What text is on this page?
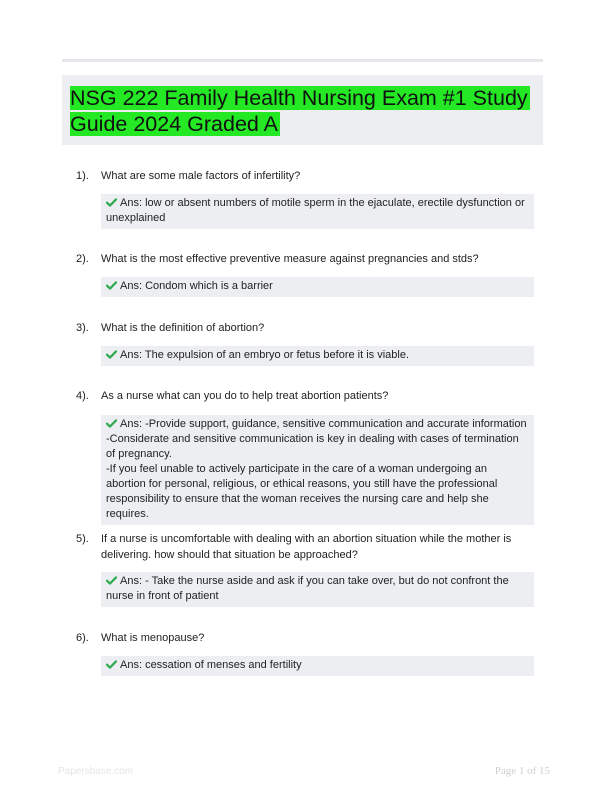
NSG 222 Family Health Nursing Exam #1 Study Guide 2024 Graded A
1). What are some male factors of infertility?
Ans: low or absent numbers of motile sperm in the ejaculate, erectile dysfunction or unexplained
2). What is the most effective preventive measure against pregnancies and stds?
Ans: Condom which is a barrier
3). What is the definition of abortion?
Ans: The expulsion of an embryo or fetus before it is viable.
4). As a nurse what can you do to help treat abortion patients?
Ans: -Provide support, guidance, sensitive communication and accurate information
-Considerate and sensitive communication is key in dealing with cases of termination of pregnancy.
-If you feel unable to actively participate in the care of a woman undergoing an abortion for personal, religious, or ethical reasons, you still have the professional responsibility to ensure that the woman receives the nursing care and help she requires.
5). If a nurse is uncomfortable with dealing with an abortion situation while the mother is delivering. how should that situation be approached?
Ans: - Take the nurse aside and ask if you can take over, but do not confront the nurse in front of patient
6). What is menopause?
Ans: cessation of menses and fertility
Papersbase.com	Page 1 of 15
